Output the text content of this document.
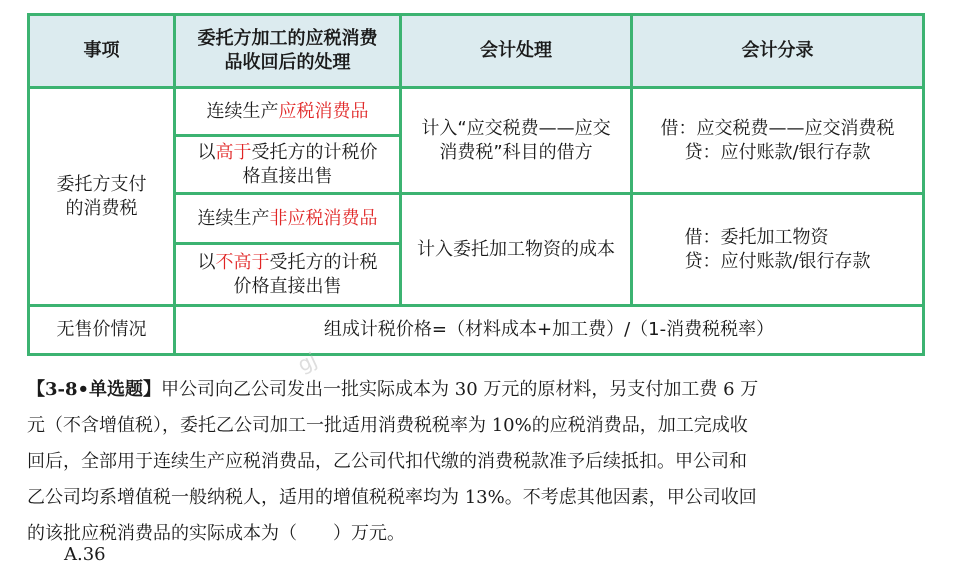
事项
委托方加工的应税消费品收回后的处理
会计处理	会计分录
委托方支付的消费税
连续生产 应税消费品
以高于受托方的计税价格直接出售
连续生产 非应税消费品
以不高于受托方的计税价格直接出售
计入“应交税费——应交消费税”科目的借方
计入委托加工物资的成本
借：应交税费——应交消费税
贷：应付账款/银行存款
借：委托加工物资
贷：应付账款/银行存款
无售价情况	组成计税价格=（材料成本+加工费）/（1-消费税税率）
gj
【3-8•单选题】甲公司向乙公司发出一批实际成本为 30 万元的原材料，另支付加工费 6 万
元（不含增值税），委托乙公司加工一批适用消费税税率为 10%的应税消费品，加工完成收
回后，全部用于连续生产应税消费品，乙公司代扣代缴的消费税款准予后续抵扣。甲公司和
乙公司均系增值税一般纳税人，适用的增值税税率均为 13%。不考虑其他因素，甲公司收回
的该批应税消费品的实际成本为（　　）万元。
A.36
